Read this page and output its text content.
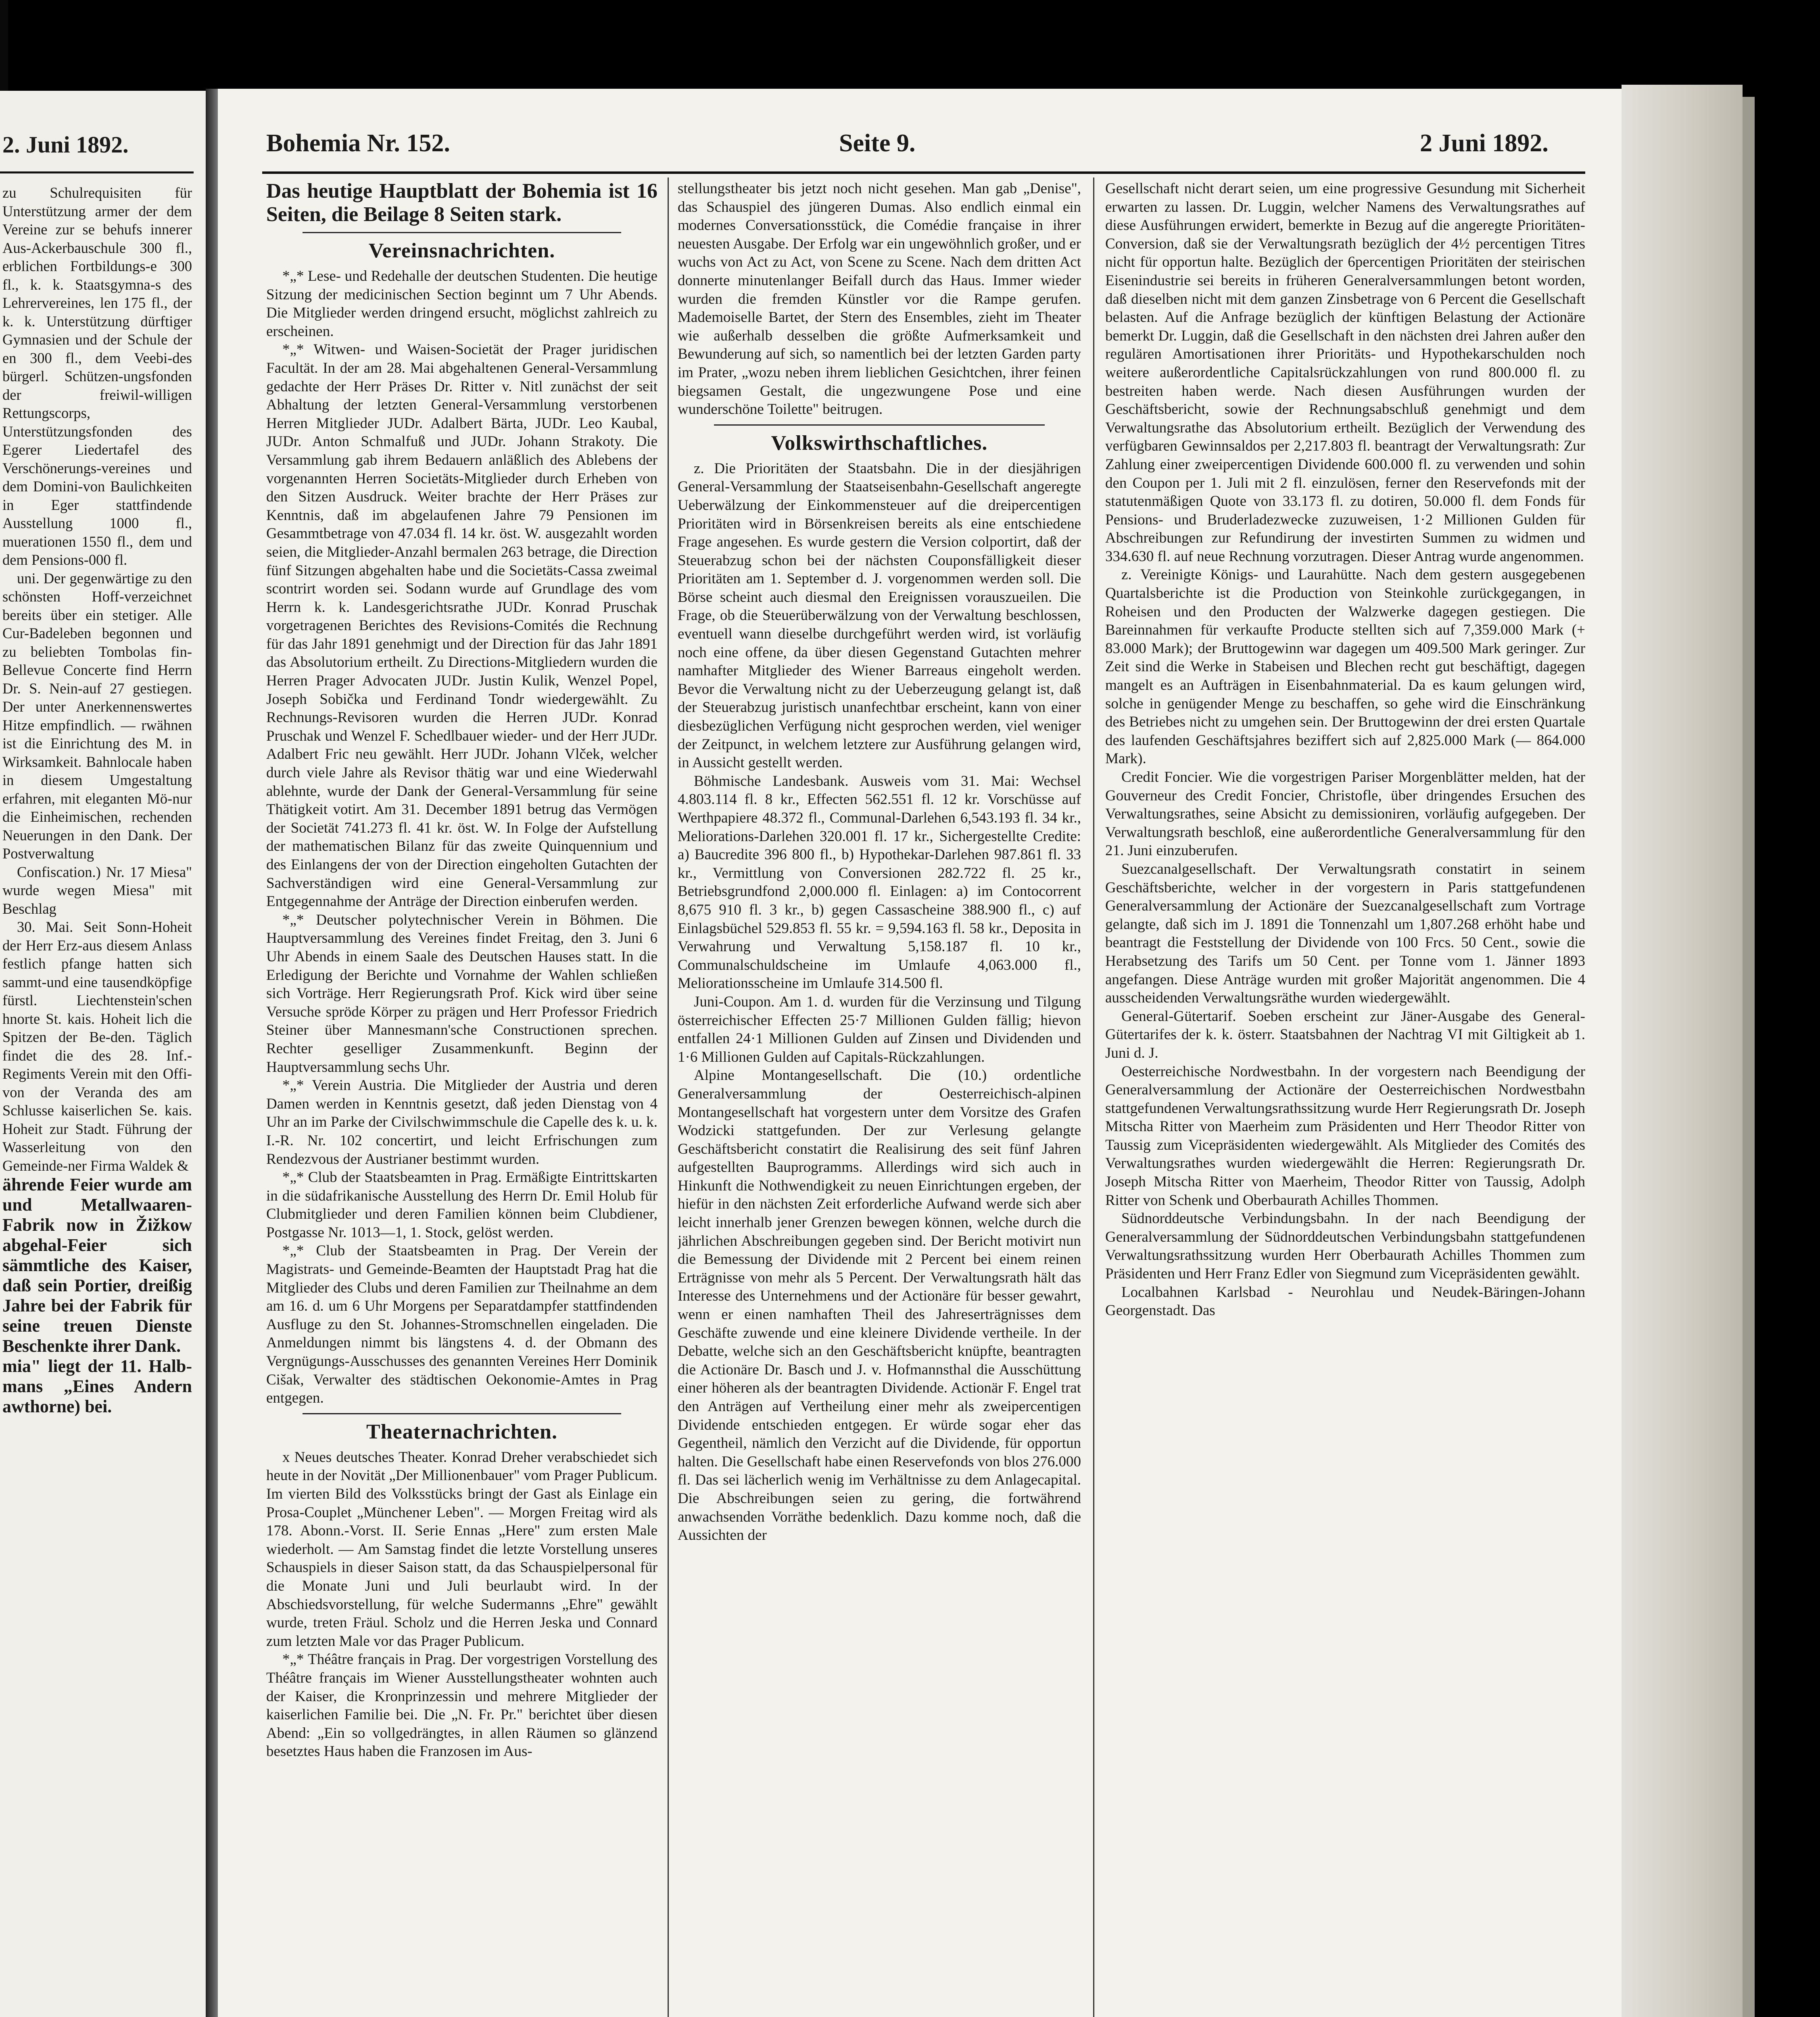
2. Juni 1892.

zu Schulrequisiten für Unterstützung armer der dem Vereine zur se behufs innerer Aus-Ackerbauschule 300 fl., erblichen Fortbildungs-e 300 fl., k. k. Staatsgymna-s des Lehrervereines, len 175 fl., der k. k. Unterstützung dürftiger Gymnasien und der Schule der en 300 fl., dem Veebi-des bürgerl. Schützen-ungsfonden der freiwil-willigen Rettungscorps, Unterstützungsfonden des Egerer Liedertafel des Verschönerungs-vereines und dem Domini-von Baulichkeiten in Eger stattfindende Ausstellung 1000 fl., muerationen 1550 fl., dem und dem Pensions-000 fl.

uni. Der gegenwärtige zu den schönsten Hoff-verzeichnet bereits über ein stetiger. Alle Cur-Badeleben begonnen und zu beliebten Tombolas fin-Bellevue Concerte find Herrn Dr. S. Nein-auf 27 gestiegen. Der unter Anerkennenswertes Hitze empfindlich. — rwähnen ist die Einrichtung des M. in Wirksamkeit. Bahnlocale haben in diesem Umgestaltung erfahren, mit eleganten Mö-nur die Einheimischen, rechenden Neuerungen in den Dank. Der Postverwaltung

Confiscation.) Nr. 17 Miesa" wurde wegen Miesa" mit Beschlag

30. Mai. Seit Sonn-Hoheit der Herr Erz-aus diesem Anlass festlich pfange hatten sich sammt-und eine tausendköpfige fürstl. Liechtenstein'schen hnorte St. kais. Hoheit lich die Spitzen der Be-den. Täglich findet die des 28. Inf.-Regiments Verein mit den Offi-von der Veranda des am Schlusse kaiserlichen Se. kais. Hoheit zur Stadt. Führung der Wasserleitung von den Gemeinde-ner Firma Waldek &

ährende Feier wurde am und Metallwaaren-Fabrik now in Žižkow abgehal-Feier sich sämmtliche des Kaiser, daß sein Portier, dreißig Jahre bei der Fabrik für seine treuen Dienste Beschenkte ihrer Dank.

mia" liegt der 11. Halb-mans „Eines Andern awthorne) bei.

Bohemia Nr. 152.	Seite 9.	2 Juni 1892.

Das heutige Hauptblatt der Bohemia ist 16 Seiten, die Beilage 8 Seiten stark.

Vereinsnachrichten.

*„* Lese- und Redehalle der deutschen Studenten. Die heutige Sitzung der medicinischen Section beginnt um 7 Uhr Abends. Die Mitglieder werden dringend ersucht, möglichst zahlreich zu erscheinen.

*„* Witwen- und Waisen-Societät der Prager juridischen Facultät. In der am 28. Mai abgehaltenen General-Versammlung gedachte der Herr Präses Dr. Ritter v. Nitl zunächst der seit Abhaltung der letzten General-Versammlung verstorbenen Herren Mitglieder JUDr. Adalbert Bärta, JUDr. Leo Kaubal, JUDr. Anton Schmalfuß und JUDr. Johann Strakoty. Die Versammlung gab ihrem Bedauern anläßlich des Ablebens der vorgenannten Herren Societäts-Mitglieder durch Erheben von den Sitzen Ausdruck. Weiter brachte der Herr Präses zur Kenntnis, daß im abgelaufenen Jahre 79 Pensionen im Gesammtbetrage von 47.034 fl. 14 kr. öst. W. ausgezahlt worden seien, die Mitglieder-Anzahl bermalen 263 betrage, die Direction fünf Sitzungen abgehalten habe und die Societäts-Cassa zweimal scontrirt worden sei. Sodann wurde auf Grundlage des vom Herrn k. k. Landesgerichtsrathe JUDr. Konrad Pruschak vorgetragenen Berichtes des Revisions-Comités die Rechnung für das Jahr 1891 genehmigt und der Direction für das Jahr 1891 das Absolutorium ertheilt. Zu Directions-Mitgliedern wurden die Herren Prager Advocaten JUDr. Justin Kulik, Wenzel Popel, Joseph Sobička und Ferdinand Tondr wiedergewählt. Zu Rechnungs-Revisoren wurden die Herren JUDr. Konrad Pruschak und Wenzel F. Schedlbauer wieder- und der Herr JUDr. Adalbert Fric neu gewählt. Herr JUDr. Johann Vlček, welcher durch viele Jahre als Revisor thätig war und eine Wiederwahl ablehnte, wurde der Dank der General-Versammlung für seine Thätigkeit votirt. Am 31. December 1891 betrug das Vermögen der Societät 741.273 fl. 41 kr. öst. W. In Folge der Aufstellung der mathematischen Bilanz für das zweite Quinquennium und des Einlangens der von der Direction eingeholten Gutachten der Sachverständigen wird eine General-Versammlung zur Entgegennahme der Anträge der Direction einberufen werden.

*„* Deutscher polytechnischer Verein in Böhmen. Die Hauptversammlung des Vereines findet Freitag, den 3. Juni 6 Uhr Abends in einem Saale des Deutschen Hauses statt. In die Erledigung der Berichte und Vornahme der Wahlen schließen sich Vorträge. Herr Regierungsrath Prof. Kick wird über seine Versuche spröde Körper zu prägen und Herr Professor Friedrich Steiner über Mannesmann'sche Constructionen sprechen. Rechter geselliger Zusammenkunft. Beginn der Hauptversammlung sechs Uhr.

*„* Verein Austria. Die Mitglieder der Austria und deren Damen werden in Kenntnis gesetzt, daß jeden Dienstag von 4 Uhr an im Parke der Civilschwimmschule die Capelle des k. u. k. I.-R. Nr. 102 concertirt, und leicht Erfrischungen zum Rendezvous der Austrianer bestimmt wurden.

*„* Club der Staatsbeamten in Prag. Ermäßigte Eintrittskarten in die südafrikanische Ausstellung des Herrn Dr. Emil Holub für Clubmitglieder und deren Familien können beim Clubdiener, Postgasse Nr. 1013—1, 1. Stock, gelöst werden.

*„* Club der Staatsbeamten in Prag. Der Verein der Magistrats- und Gemeinde-Beamten der Hauptstadt Prag hat die Mitglieder des Clubs und deren Familien zur Theilnahme an dem am 16. d. um 6 Uhr Morgens per Separatdampfer stattfindenden Ausfluge zu den St. Johannes-Stromschnellen eingeladen. Die Anmeldungen nimmt bis längstens 4. d. der Obmann des Vergnügungs-Ausschusses des genannten Vereines Herr Dominik Cišak, Verwalter des städtischen Oekonomie-Amtes in Prag entgegen.

Theaternachrichten.

x Neues deutsches Theater. Konrad Dreher verabschiedet sich heute in der Novität „Der Millionenbauer" vom Prager Publicum. Im vierten Bild des Volksstücks bringt der Gast als Einlage ein Prosa-Couplet „Münchener Leben". — Morgen Freitag wird als 178. Abonn.-Vorst. II. Serie Ennas „Here" zum ersten Male wiederholt. — Am Samstag findet die letzte Vorstellung unseres Schauspiels in dieser Saison statt, da das Schauspielpersonal für die Monate Juni und Juli beurlaubt wird. In der Abschiedsvorstellung, für welche Sudermanns „Ehre" gewählt wurde, treten Fräul. Scholz und die Herren Jeska und Connard zum letzten Male vor das Prager Publicum.

*„* Théâtre français in Prag. Der vorgestrigen Vorstellung des Théâtre français im Wiener Ausstellungstheater wohnten auch der Kaiser, die Kronprinzessin und mehrere Mitglieder der kaiserlichen Familie bei. Die „N. Fr. Pr." berichtet über diesen Abend: „Ein so vollgedrängtes, in allen Räumen so glänzend besetztes Haus haben die Franzosen im Aus-

stellungstheater bis jetzt noch nicht gesehen. Man gab „Denise", das Schauspiel des jüngeren Dumas. Also endlich einmal ein modernes Conversationsstück, die Comédie française in ihrer neuesten Ausgabe. Der Erfolg war ein ungewöhnlich großer, und er wuchs von Act zu Act, von Scene zu Scene. Nach dem dritten Act donnerte minutenlanger Beifall durch das Haus. Immer wieder wurden die fremden Künstler vor die Rampe gerufen. Mademoiselle Bartet, der Stern des Ensembles, zieht im Theater wie außerhalb desselben die größte Aufmerksamkeit und Bewunderung auf sich, so namentlich bei der letzten Garden party im Prater, „wozu neben ihrem lieblichen Gesichtchen, ihrer feinen biegsamen Gestalt, die ungezwungene Pose und eine wunderschöne Toilette" beitrugen.

Volkswirthschaftliches.

z. Die Prioritäten der Staatsbahn. Die in der diesjährigen General-Versammlung der Staatseisenbahn-Gesellschaft angeregte Ueberwälzung der Einkommensteuer auf die dreipercentigen Prioritäten wird in Börsenkreisen bereits als eine entschiedene Frage angesehen. Es wurde gestern die Version colportirt, daß der Steuerabzug schon bei der nächsten Couponsfälligkeit dieser Prioritäten am 1. September d. J. vorgenommen werden soll. Die Börse scheint auch diesmal den Ereignissen vorauszueilen. Die Frage, ob die Steuerüberwälzung von der Verwaltung beschlossen, eventuell wann dieselbe durchgeführt werden wird, ist vorläufig noch eine offene, da über diesen Gegenstand Gutachten mehrer namhafter Mitglieder des Wiener Barreaus eingeholt werden. Bevor die Verwaltung nicht zu der Ueberzeugung gelangt ist, daß der Steuerabzug juristisch unanfechtbar erscheint, kann von einer diesbezüglichen Verfügung nicht gesprochen werden, viel weniger der Zeitpunct, in welchem letztere zur Ausführung gelangen wird, in Aussicht gestellt werden.

Böhmische Landesbank. Ausweis vom 31. Mai: Wechsel 4.803.114 fl. 8 kr., Effecten 562.551 fl. 12 kr. Vorschüsse auf Werthpapiere 48.372 fl., Communal-Darlehen 6,543.193 fl. 34 kr., Meliorations-Darlehen 320.001 fl. 17 kr., Sichergestellte Credite: a) Baucredite 396 800 fl., b) Hypothekar-Darlehen 987.861 fl. 33 kr., Vermittlung von Conversionen 282.722 fl. 25 kr., Betriebsgrundfond 2,000.000 fl. Einlagen: a) im Contocorrent 8,675 910 fl. 3 kr., b) gegen Cassascheine 388.900 fl., c) auf Einlagsbüchel 529.853 fl. 55 kr. = 9,594.163 fl. 58 kr., Deposita in Verwahrung und Verwaltung 5,158.187 fl. 10 kr., Communalschuldscheine im Umlaufe 4,063.000 fl., Meliorationsscheine im Umlaufe 314.500 fl.

Juni-Coupon. Am 1. d. wurden für die Verzinsung und Tilgung österreichischer Effecten 25·7 Millionen Gulden fällig; hievon entfallen 24·1 Millionen Gulden auf Zinsen und Dividenden und 1·6 Millionen Gulden auf Capitals-Rückzahlungen.

Alpine Montangesellschaft. Die (10.) ordentliche Generalversammlung der Oesterreichisch-alpinen Montangesellschaft hat vorgestern unter dem Vorsitze des Grafen Wodzicki stattgefunden. Der zur Verlesung gelangte Geschäftsbericht constatirt die Realisirung des seit fünf Jahren aufgestellten Bauprogramms. Allerdings wird sich auch in Hinkunft die Nothwendigkeit zu neuen Einrichtungen ergeben, der hiefür in den nächsten Zeit erforderliche Aufwand werde sich aber leicht innerhalb jener Grenzen bewegen können, welche durch die jährlichen Abschreibungen gegeben sind. Der Bericht motivirt nun die Bemessung der Dividende mit 2 Percent bei einem reinen Erträgnisse von mehr als 5 Percent. Der Verwaltungsrath hält das Interesse des Unternehmens und der Actionäre für besser gewahrt, wenn er einen namhaften Theil des Jahreserträgnisses dem Geschäfte zuwende und eine kleinere Dividende vertheile. In der Debatte, welche sich an den Geschäftsbericht knüpfte, beantragten die Actionäre Dr. Basch und J. v. Hofmannsthal die Ausschüttung einer höheren als der beantragten Dividende. Actionär F. Engel trat den Anträgen auf Vertheilung einer mehr als zweipercentigen Dividende entschieden entgegen. Er würde sogar eher das Gegentheil, nämlich den Verzicht auf die Dividende, für opportun halten. Die Gesellschaft habe einen Reservefonds von blos 276.000 fl. Das sei lächerlich wenig im Verhältnisse zu dem Anlagecapital. Die Abschreibungen seien zu gering, die fortwährend anwachsenden Vorräthe bedenklich. Dazu komme noch, daß die Aussichten der

Gesellschaft nicht derart seien, um eine progressive Gesundung mit Sicherheit erwarten zu lassen. Dr. Luggin, welcher Namens des Verwaltungsrathes auf diese Ausführungen erwidert, bemerkte in Bezug auf die angeregte Prioritäten-Conversion, daß sie der Verwaltungsrath bezüglich der 4½ percentigen Titres nicht für opportun halte. Bezüglich der 6percentigen Prioritäten der steirischen Eisenindustrie sei bereits in früheren Generalversammlungen betont worden, daß dieselben nicht mit dem ganzen Zinsbetrage von 6 Percent die Gesellschaft belasten. Auf die Anfrage bezüglich der künftigen Belastung der Actionäre bemerkt Dr. Luggin, daß die Gesellschaft in den nächsten drei Jahren außer den regulären Amortisationen ihrer Prioritäts- und Hypothekarschulden noch weitere außerordentliche Capitalsrückzahlungen von rund 800.000 fl. zu bestreiten haben werde. Nach diesen Ausführungen wurden der Geschäftsbericht, sowie der Rechnungsabschluß genehmigt und dem Verwaltungsrathe das Absolutorium ertheilt. Bezüglich der Verwendung des verfügbaren Gewinnsaldos per 2,217.803 fl. beantragt der Verwaltungsrath: Zur Zahlung einer zweipercentigen Dividende 600.000 fl. zu verwenden und sohin den Coupon per 1. Juli mit 2 fl. einzulösen, ferner den Reservefonds mit der statutenmäßigen Quote von 33.173 fl. zu dotiren, 50.000 fl. dem Fonds für Pensions- und Bruderladezwecke zuzuweisen, 1·2 Millionen Gulden für Abschreibungen zur Refundirung der investirten Summen zu widmen und 334.630 fl. auf neue Rechnung vorzutragen. Dieser Antrag wurde angenommen.

z. Vereinigte Königs- und Laurahütte. Nach dem gestern ausgegebenen Quartalsberichte ist die Production von Steinkohle zurückgegangen, in Roheisen und den Producten der Walzwerke dagegen gestiegen. Die Bareinnahmen für verkaufte Producte stellten sich auf 7,359.000 Mark (+ 83.000 Mark); der Bruttogewinn war dagegen um 409.500 Mark geringer. Zur Zeit sind die Werke in Stabeisen und Blechen recht gut beschäftigt, dagegen mangelt es an Aufträgen in Eisenbahnmaterial. Da es kaum gelungen wird, solche in genügender Menge zu beschaffen, so gehe wird die Einschränkung des Betriebes nicht zu umgehen sein. Der Bruttogewinn der drei ersten Quartale des laufenden Geschäftsjahres beziffert sich auf 2,825.000 Mark (— 864.000 Mark).

Credit Foncier. Wie die vorgestrigen Pariser Morgenblätter melden, hat der Gouverneur des Credit Foncier, Christofle, über dringendes Ersuchen des Verwaltungsrathes, seine Absicht zu demissioniren, vorläufig aufgegeben. Der Verwaltungsrath beschloß, eine außerordentliche Generalversammlung für den 21. Juni einzuberufen.

Suezcanalgesellschaft. Der Verwaltungsrath constatirt in seinem Geschäftsberichte, welcher in der vorgestern in Paris stattgefundenen Generalversammlung der Actionäre der Suezcanalgesellschaft zum Vortrage gelangte, daß sich im J. 1891 die Tonnenzahl um 1,807.268 erhöht habe und beantragt die Feststellung der Dividende von 100 Frcs. 50 Cent., sowie die Herabsetzung des Tarifs um 50 Cent. per Tonne vom 1. Jänner 1893 angefangen. Diese Anträge wurden mit großer Majorität angenommen. Die 4 ausscheidenden Verwaltungsräthe wurden wiedergewählt.

General-Gütertarif. Soeben erscheint zur Jäner-Ausgabe des General-Gütertarifes der k. k. österr. Staatsbahnen der Nachtrag VI mit Giltigkeit ab 1. Juni d. J.

Oesterreichische Nordwestbahn. In der vorgestern nach Beendigung der Generalversammlung der Actionäre der Oesterreichischen Nordwestbahn stattgefundenen Verwaltungsrathssitzung wurde Herr Regierungsrath Dr. Joseph Mitscha Ritter von Maerheim zum Präsidenten und Herr Theodor Ritter von Taussig zum Vicepräsidenten wiedergewählt. Als Mitglieder des Comités des Verwaltungsrathes wurden wiedergewählt die Herren: Regierungsrath Dr. Joseph Mitscha Ritter von Maerheim, Theodor Ritter von Taussig, Adolph Ritter von Schenk und Oberbaurath Achilles Thommen.

Südnorddeutsche Verbindungsbahn. In der nach Beendigung der Generalversammlung der Südnorddeutschen Verbindungsbahn stattgefundenen Verwaltungsrathssitzung wurden Herr Oberbaurath Achilles Thommen zum Präsidenten und Herr Franz Edler von Siegmund zum Vicepräsidenten gewählt.

Localbahnen Karlsbad - Neurohlau und Neudek-Bäringen-Johann Georgenstadt. Das
